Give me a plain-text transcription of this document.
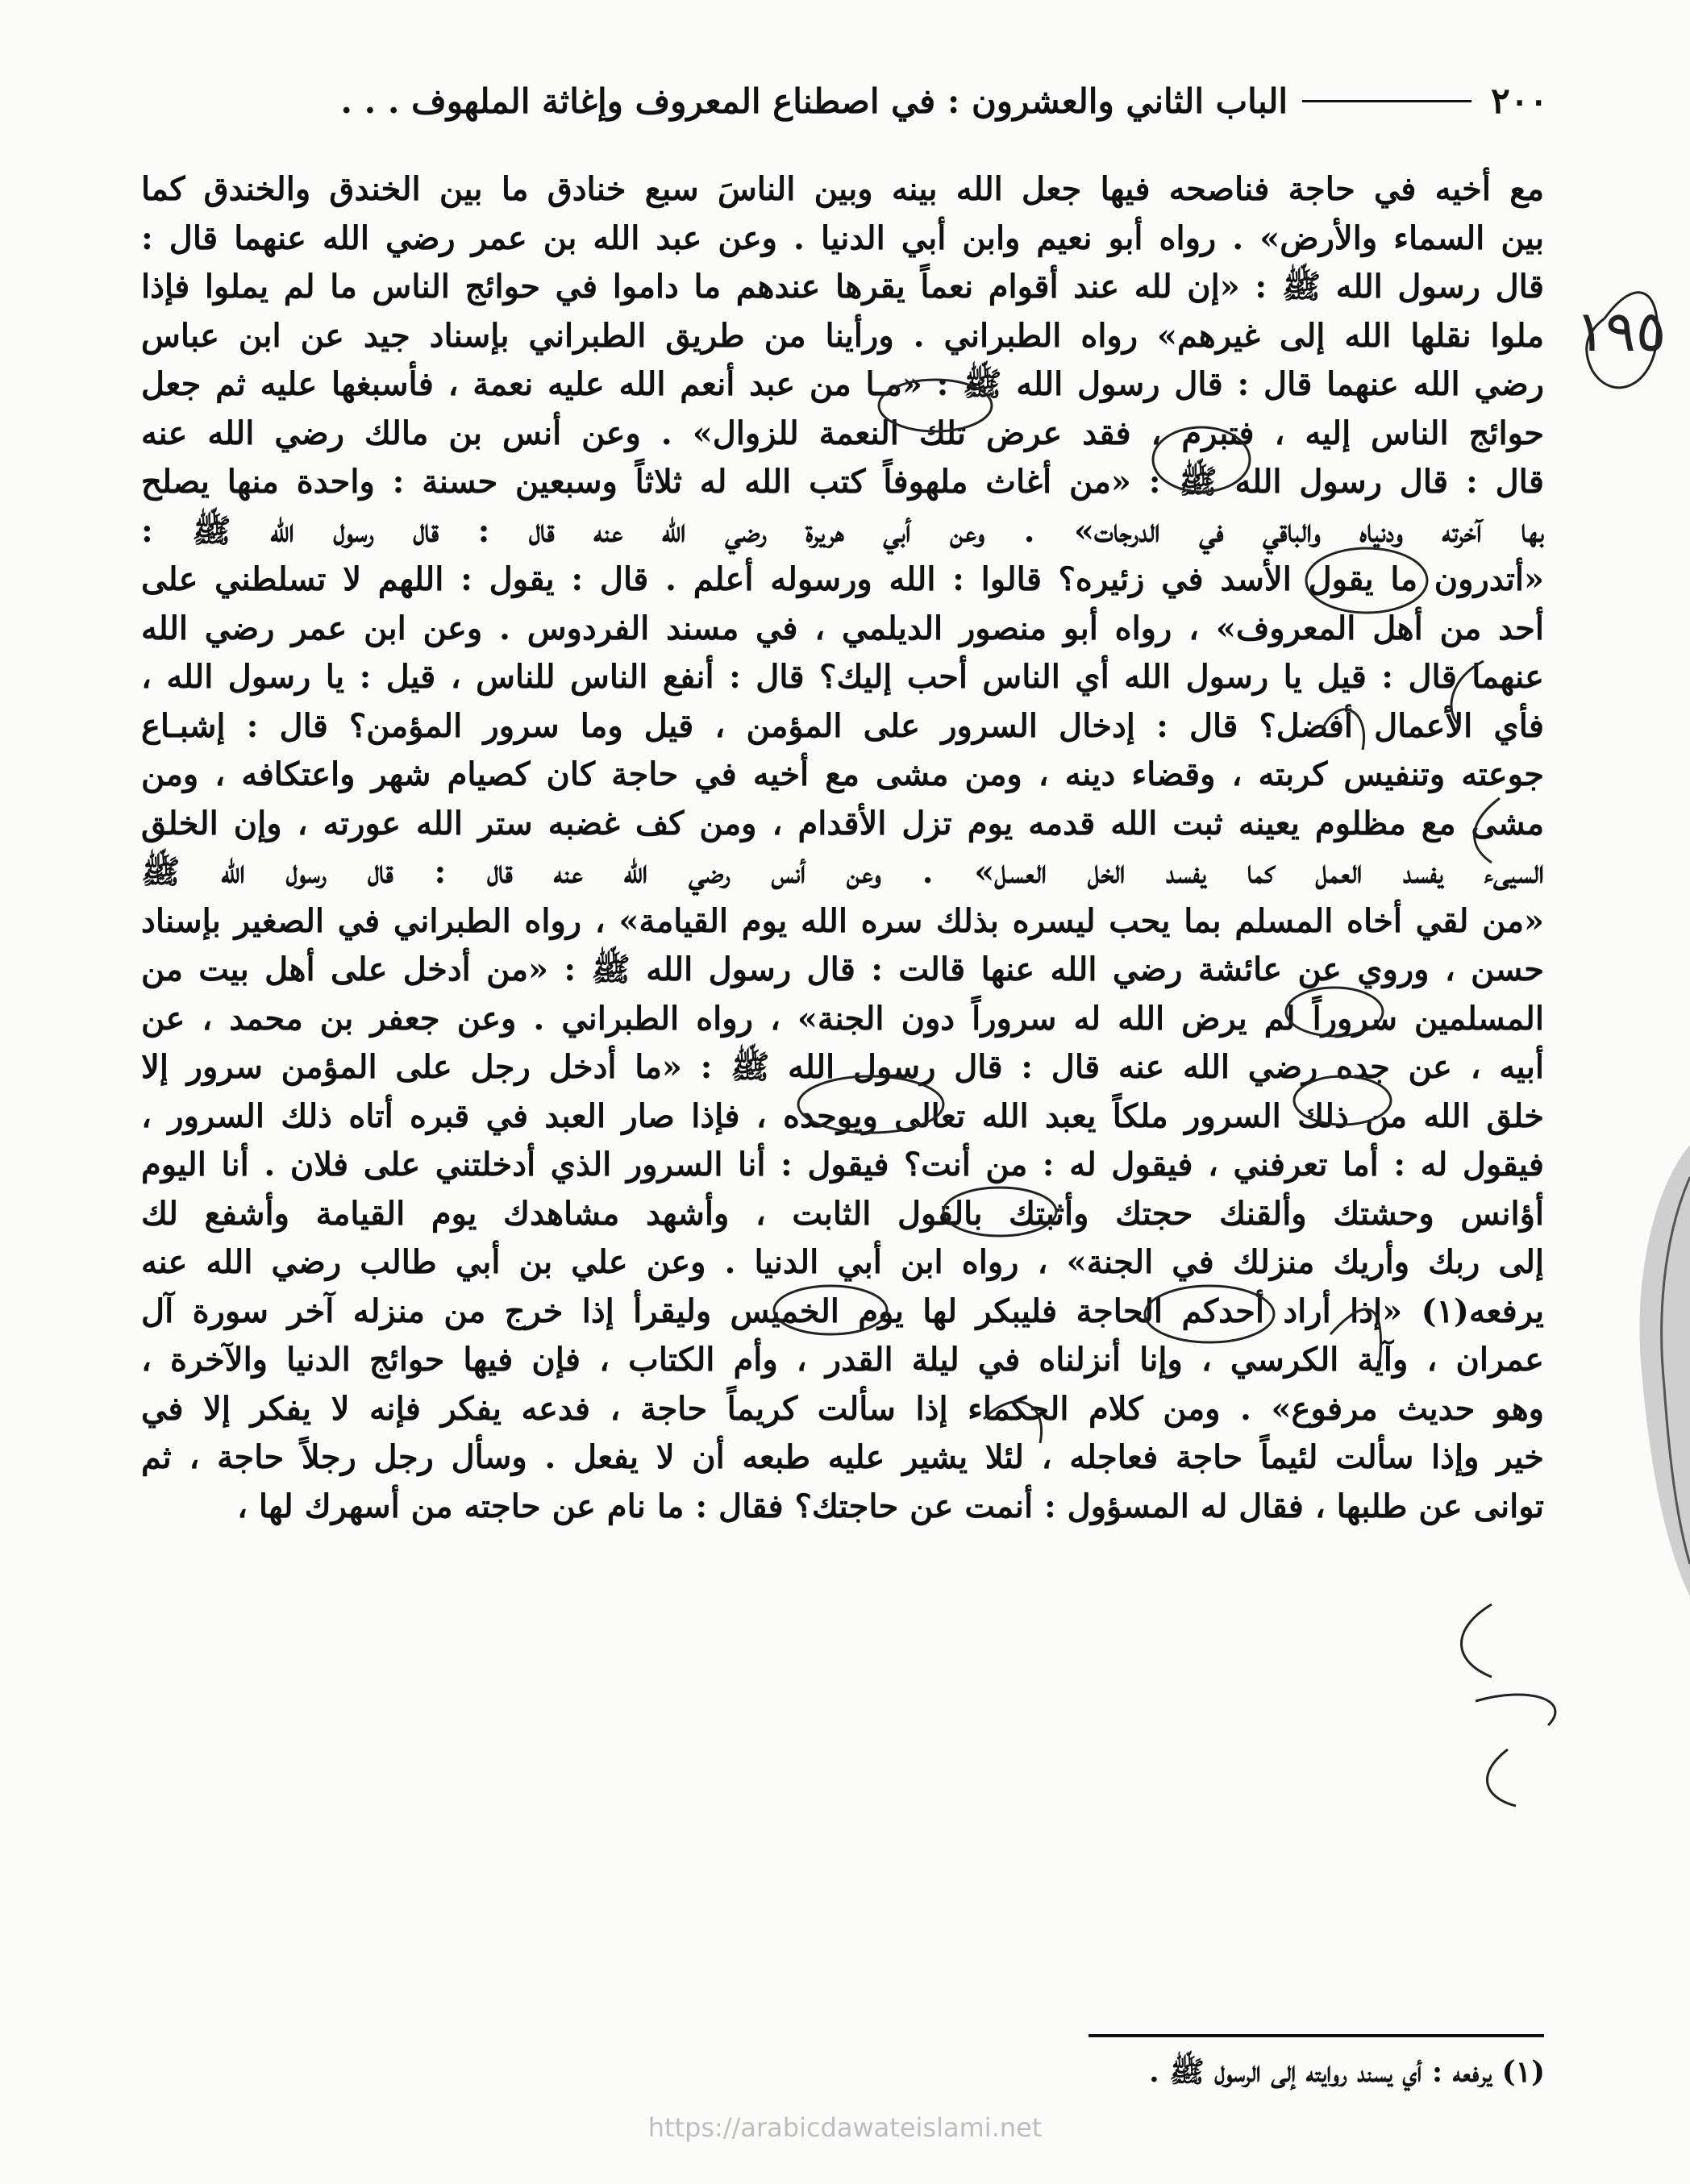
٢٠٠
الباب الثاني والعشرون : في اصطناع المعروف وإغاثة الملهوف . . .
مع أخيه في حاجة فناصحه فيها جعل الله بينه وبين الناسَ سبع خنادق ما بين الخندق والخندق كما
بين السماء والأرض» . رواه أبو نعيم وابن أبي الدنيا . وعن عبد الله بن عمر رضي الله عنهما قال :
قال رسول الله ﷺ : «إن لله عند أقوام نعماً يقرها عندهم ما داموا في حوائج الناس ما لم يملوا فإذا
ملوا نقلها الله إلى غيرهم» رواه الطبراني . ورأينا من طريق الطبراني بإسناد جيد عن ابن عباس
رضي الله عنهما قال : قال رسول الله ﷺ : «مـا من عبد أنعم الله عليه نعمة ، فأسبغها عليه ثم جعل
حوائج الناس إليه ، فتبرم ، فقد عرض تلك النعمة للزوال» . وعن أنس بن مالك رضي الله عنه
قال : قال رسول الله ﷺ : «من أغاث ملهوفاً كتب الله له ثلاثاً وسبعين حسنة : واحدة منها يصلح
بها آخرته ودنياه والباقي في الدرجات» . وعن أبي هريرة رضي الله عنه قال : قال رسول الله ﷺ :
«أتدرون ما يقول الأسد في زئيره؟ قالوا : الله ورسوله أعلم . قال : يقول : اللهم لا تسلطني على
أحد من أهل المعروف» ، رواه أبو منصور الديلمي ، في مسند الفردوس . وعن ابن عمر رضي الله
عنهما قال : قيل يا رسول الله أي الناس أحب إليك؟ قال : أنفع الناس للناس ، قيل : يا رسول الله ،
فأي الأعمال أفضل؟ قال : إدخال السرور على المؤمن ، قيل وما سرور المؤمن؟ قال : إشبـاع
جوعته وتنفيس كربته ، وقضاء دينه ، ومن مشى مع أخيه في حاجة كان كصيام شهر واعتكافه ، ومن
مشى مع مظلوم يعينه ثبت الله قدمه يوم تزل الأقدام ، ومن كف غضبه ستر الله عورته ، وإن الخلق
السيىء يفسد العمل كما يفسد الخل العسل» . وعن أنس رضي الله عنه قال : قال رسول الله ﷺ
«من لقي أخاه المسلم بما يحب ليسره بذلك سره الله يوم القيامة» ، رواه الطبراني في الصغير بإسناد
حسن ، وروي عن عائشة رضي الله عنها قالت : قال رسول الله ﷺ : «من أدخل على أهل بيت من
المسلمين سروراً لم يرض الله له سروراً دون الجنة» ، رواه الطبراني . وعن جعفر بن محمد ، عن
أبيه ، عن جده رضي الله عنه قال : قال رسول الله ﷺ : «ما أدخل رجل على المؤمن سرور إلا
خلق الله من ذلك السرور ملكاً يعبد الله تعالى ويوحده ، فإذا صار العبد في قبره أتاه ذلك السرور ،
فيقول له : أما تعرفني ، فيقول له : من أنت؟ فيقول : أنا السرور الذي أدخلتني على فلان . أنا اليوم
أؤانس وحشتك وألقنك حجتك وأثبتك بالقول الثابت ، وأشهد مشاهدك يوم القيامة وأشفع لك
إلى ربك وأريك منزلك في الجنة» ، رواه ابن أبي الدنيا . وعن علي بن أبي طالب رضي الله عنه
يرفعه(١) «إذا أراد أحدكم الحاجة فليبكر لها يوم الخميس وليقرأ إذا خرج من منزله آخر سورة آل
عمران ، وآية الكرسي ، وإنا أنزلناه في ليلة القدر ، وأم الكتاب ، فإن فيها حوائج الدنيا والآخرة ،
وهو حديث مرفوع» . ومن كلام الحكماء إذا سألت كريماً حاجة ، فدعه يفكر فإنه لا يفكر إلا في
خير وإذا سألت لئيماً حاجة فعاجله ، لئلا يشير عليه طبعه أن لا يفعل . وسأل رجل رجلاً حاجة ، ثم
توانى عن طلبها ، فقال له المسؤول : أنمت عن حاجتك؟ فقال : ما نام عن حاجته من أسهرك لها ،
(١) يرفعه : أي يسند روايته إلى الرسول ﷺ .
https://arabicdawateislami.net
١٩٥
